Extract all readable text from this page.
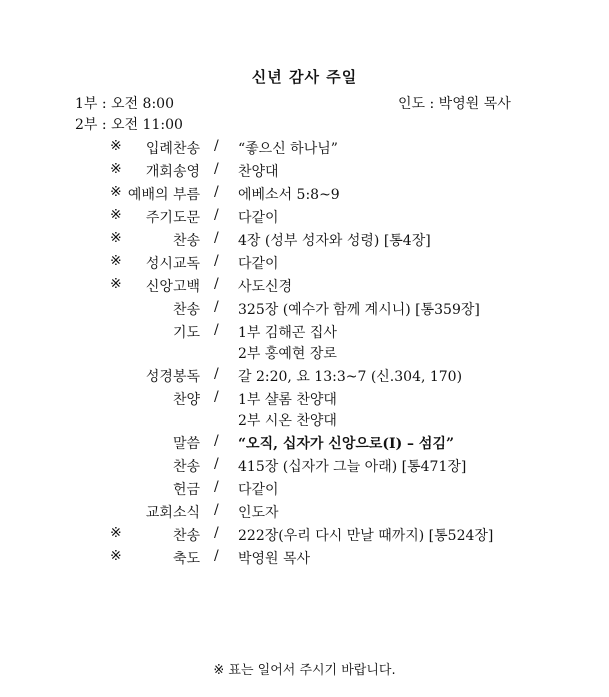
신년 감사 주일
1부 : 오전 8:00
2부 : 오전 11:00
인도 : 박영원 목사
※ 입례찬송 / “좋으신 하나님”
※ 개회송영 / 찬양대
※ 예배의 부름 / 에베소서 5:8~9
※ 주기도문 / 다같이
※	찬송 / 4장 (성부 성자와 성령) [통4장]
※ 성시교독 / 다같이
※ 신앙고백 / 사도신경
찬송 / 325장 (예수가 함께 계시니) [통359장]
기도 / 1부 김해곤 집사
2부 홍예현 장로
성경봉독 / 갈 2:20, 요 13:3~7 (신.304, 170)
찬양 / 1부 샬롬 찬양대
2부 시온 찬양대
말씀 / “오직, 십자가 신앙으로(I) – 섬김”
찬송 / 415장 (십자가 그늘 아래) [통471장]
헌금 / 다같이
교회소식 / 인도자
※	찬송 / 222장(우리 다시 만날 때까지) [통524장]
※	축도 / 박영원 목사
※ 표는 일어서 주시기 바랍니다.
